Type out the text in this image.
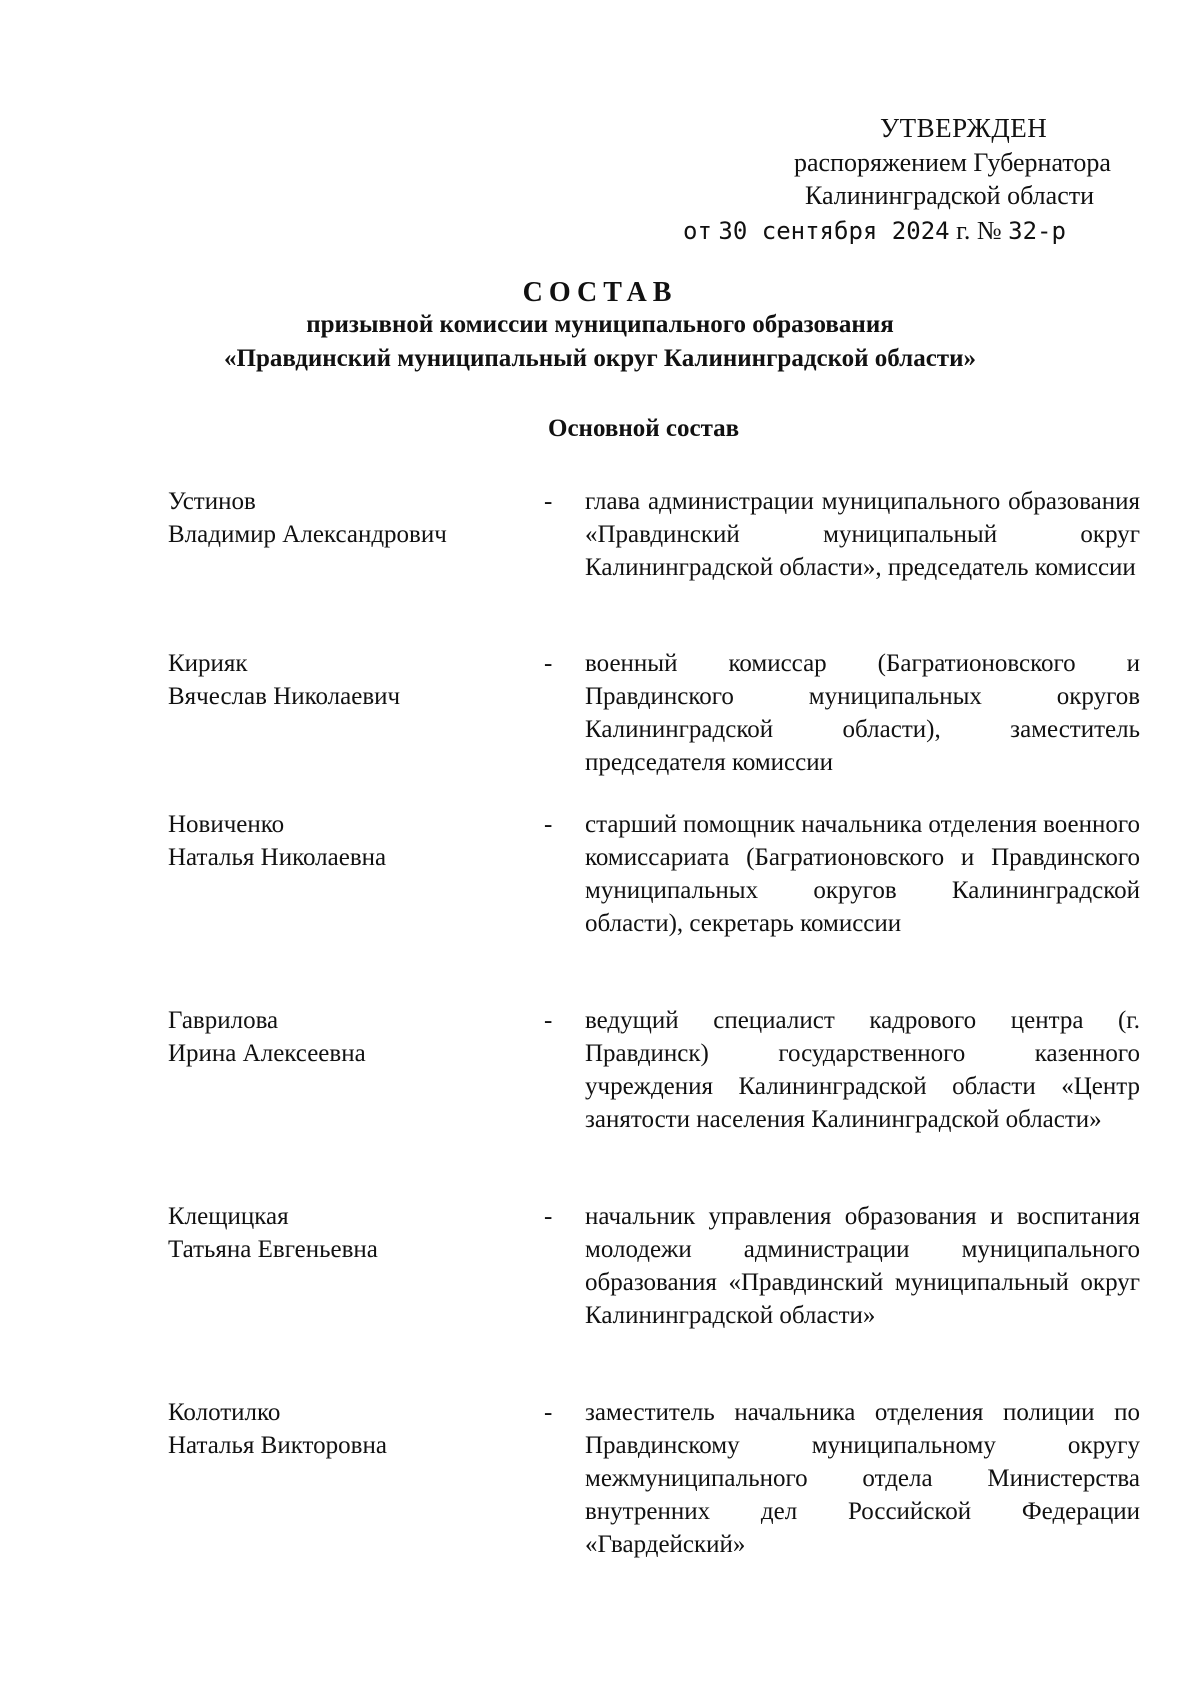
УТВЕРЖДЕН
распоряжением Губернатора
Калининградской области
от 30 сентября 2024 г. № 32-р
СОСТАВ
призывной комиссии муниципального образования
«Правдинский муниципальный округ Калининградской области»
Основной состав
Устинов
Владимир Александрович
- глава администрации муниципального образования «Правдинский муниципальный округ Калининградской области», председатель комиссии
Кирияк
Вячеслав Николаевич
- военный комиссар (Багратионовского и Правдинского муниципальных округов Калининградской области), заместитель председателя комиссии
Новиченко
Наталья Николаевна
- старший помощник начальника отделения военного комиссариата (Багратионовского и Правдинского муниципальных округов Калининградской области), секретарь комиссии
Гаврилова
Ирина Алексеевна
- ведущий специалист кадрового центра (г. Правдинск) государственного казенного учреждения Калининградской области «Центр занятости населения Калининградской области»
Клещицкая
Татьяна Евгеньевна
- начальник управления образования и воспитания молодежи администрации муниципального образования «Правдинский муниципальный округ Калининградской области»
Колотилко
Наталья Викторовна
- заместитель начальника отделения полиции по Правдинскому муниципальному округу межмуниципального отдела Министерства внутренних дел Российской Федерации «Гвардейский»
